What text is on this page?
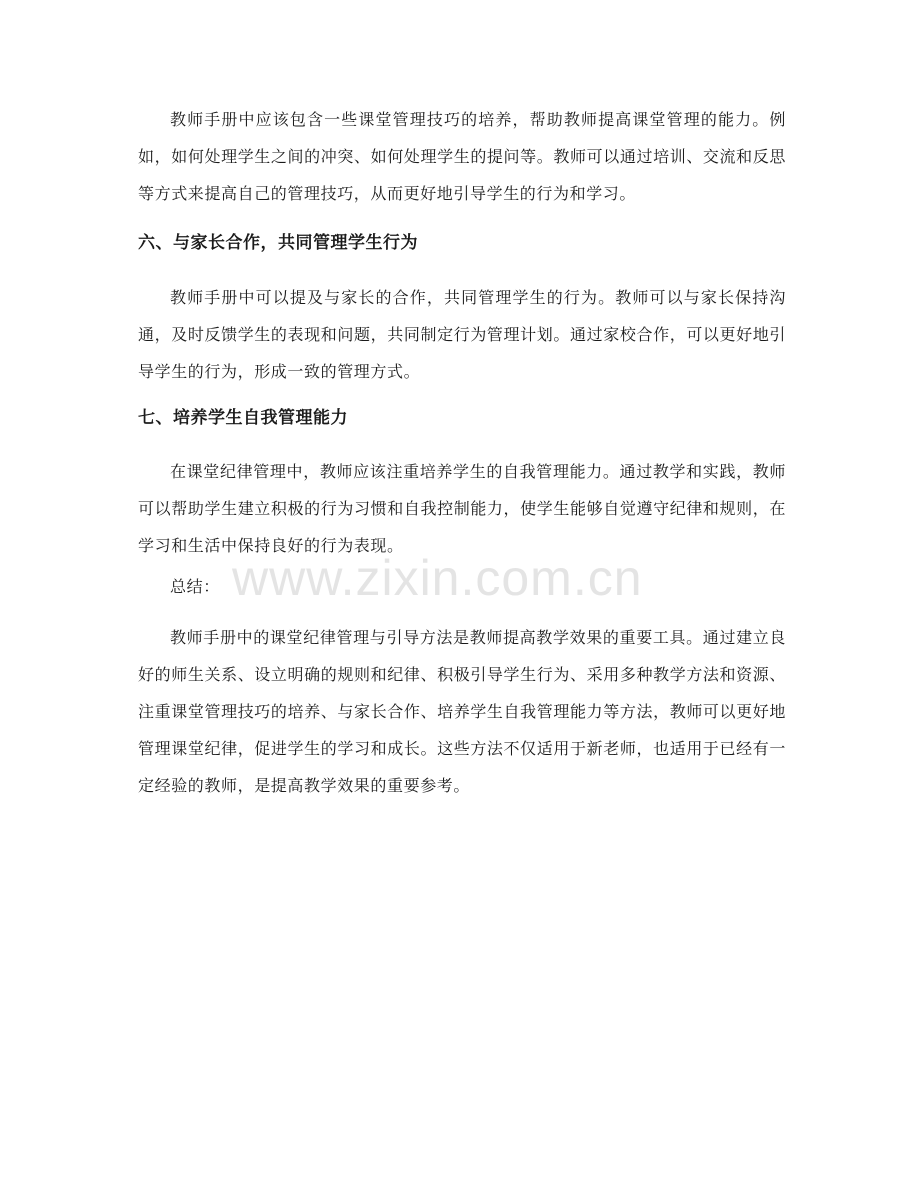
www.zixin.com.cn

教师手册中应该包含一些课堂管理技巧的培养，帮助教师提高课堂管理的能力。例如，如何处理学生之间的冲突、如何处理学生的提问等。教师可以通过培训、交流和反思等方式来提高自己的管理技巧，从而更好地引导学生的行为和学习。

六、与家长合作，共同管理学生行为

教师手册中可以提及与家长的合作，共同管理学生的行为。教师可以与家长保持沟通，及时反馈学生的表现和问题，共同制定行为管理计划。通过家校合作，可以更好地引导学生的行为，形成一致的管理方式。

七、培养学生自我管理能力

在课堂纪律管理中，教师应该注重培养学生的自我管理能力。通过教学和实践，教师可以帮助学生建立积极的行为习惯和自我控制能力，使学生能够自觉遵守纪律和规则，在学习和生活中保持良好的行为表现。

总结：

教师手册中的课堂纪律管理与引导方法是教师提高教学效果的重要工具。通过建立良好的师生关系、设立明确的规则和纪律、积极引导学生行为、采用多种教学方法和资源、注重课堂管理技巧的培养、与家长合作、培养学生自我管理能力等方法，教师可以更好地管理课堂纪律，促进学生的学习和成长。这些方法不仅适用于新老师，也适用于已经有一定经验的教师，是提高教学效果的重要参考。
